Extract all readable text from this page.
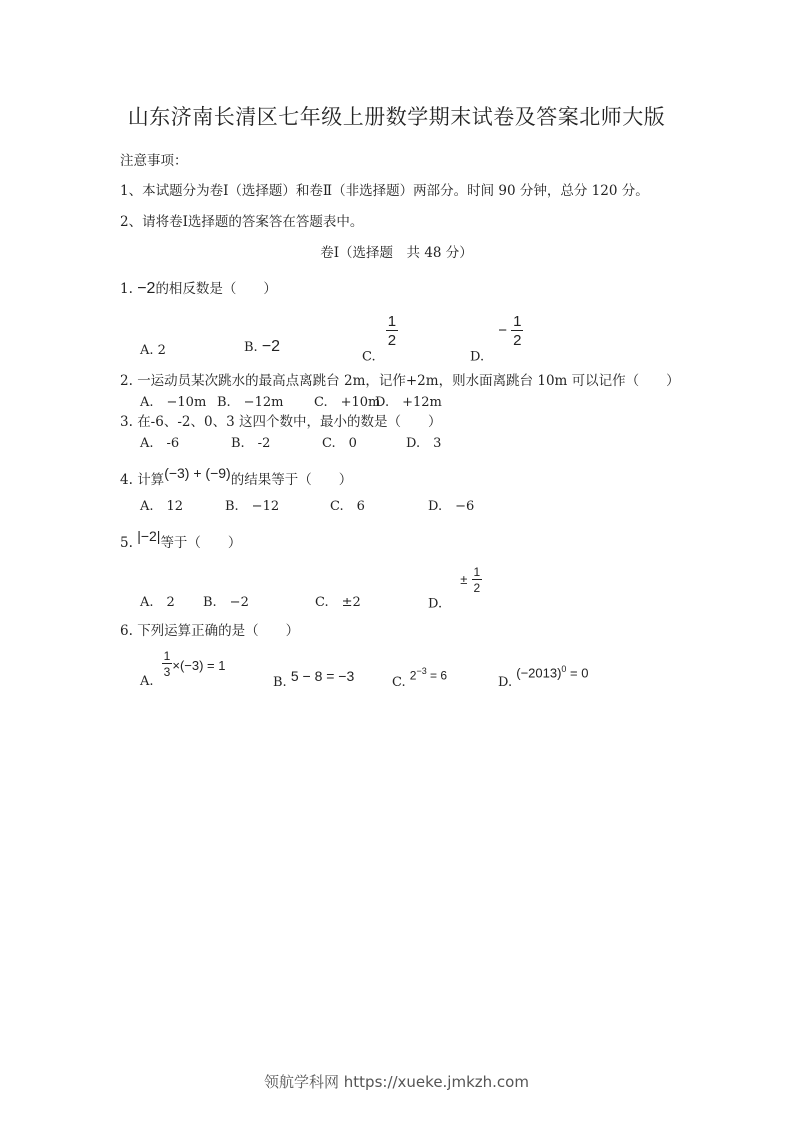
山东济南长清区七年级上册数学期末试卷及答案北师大版
注意事项：
1、本试题分为卷Ⅰ（选择题）和卷Ⅱ（非选择题）两部分。时间 90 分钟，总分 120 分。
2、请将卷Ⅰ选择题的答案答在答题表中。
卷Ⅰ（选择题　共 48 分）
1. −2的相反数是（　　）
A. 2	B. −2
C.
$\frac{1}{2}$
D. − $\frac{1}{2}$
2. 一运动员某次跳水的最高点离跳台 2m，记作+2m，则水面离跳台 10m 可以记作（　　）
A.　−10m B.　−12m C.　+10m
D.　+12m
3. 在-6、-2、0、3 这四个数中，最小的数是（　　）
A.　-6	B.　-2	C.　0	D.　3
4. 计算(−3) + (−9)的结果等于（　　）
A.　12	B.　−12	C.　6	D.　−6
5. |−2|等于（　　）
A.　2 B.　−2	C.　±2	D. ± $\frac{1}{2}$
6. 下列运算正确的是（　　）
A.
$\frac{1}{3} \times(-3) = 1$
B. 5 − 8 = −3	C. $2^{-3} = 6$	D. $(-2013)^0 = 0$
领航学科网 https://xueke.jmkzh.com
